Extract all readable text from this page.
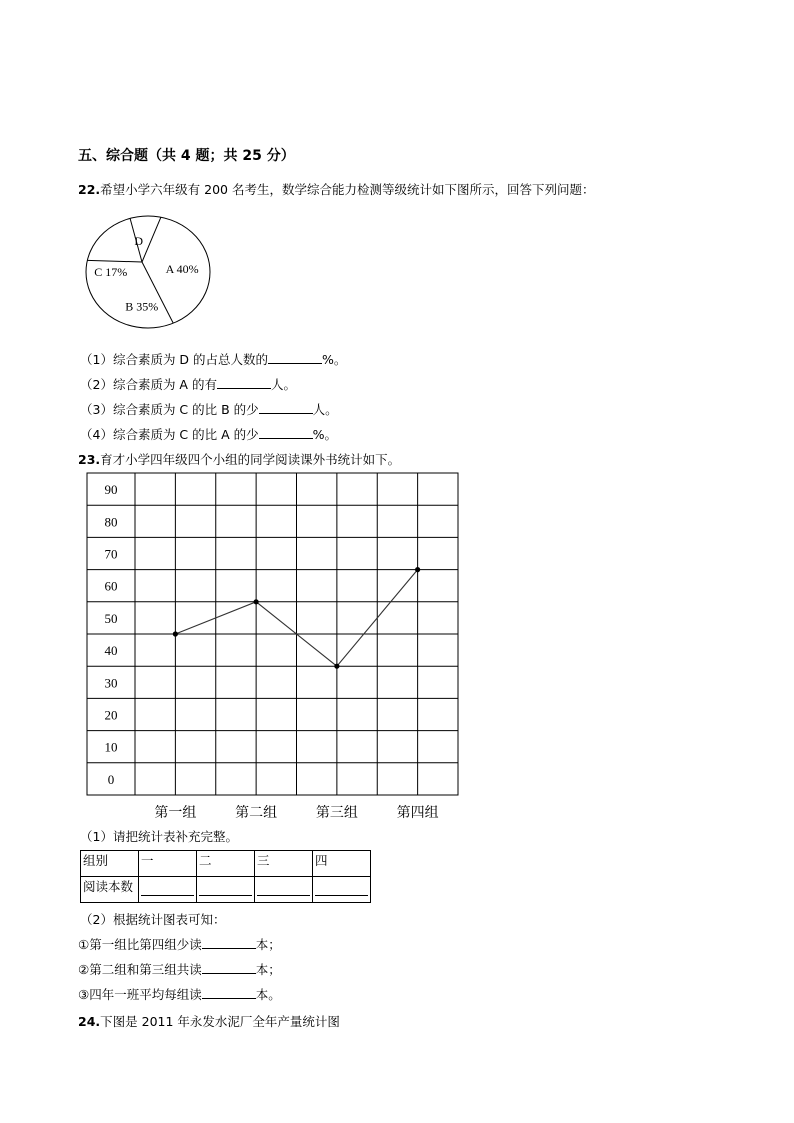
五、综合题（共 4 题；共 25 分）
22.希望小学六年级有 200 名考生，数学综合能力检测等级统计如下图所示，回答下列问题：
A 40%
B 35%
C 17%
D
（1）综合素质为 D 的占总人数的	%。
（2）综合素质为 A 的有	人。
（3）综合素质为 C 的比 B 的少	人。
（4）综合素质为 C 的比 A 的少	%。
23.育才小学四年级四个小组的同学阅读课外书统计如下。
90
80
70
60
50
40
30
20
10
0
第一组	第二组	第三组	第四组
（1）请把统计表补充完整。
组别	一	二	三	四
阅读本数	

（2）根据统计图表可知：
①第一组比第四组少读	本；
②第二组和第三组共读	本；
③四年一班平均每组读	本。
24.下图是 2011 年永发水泥厂全年产量统计图
